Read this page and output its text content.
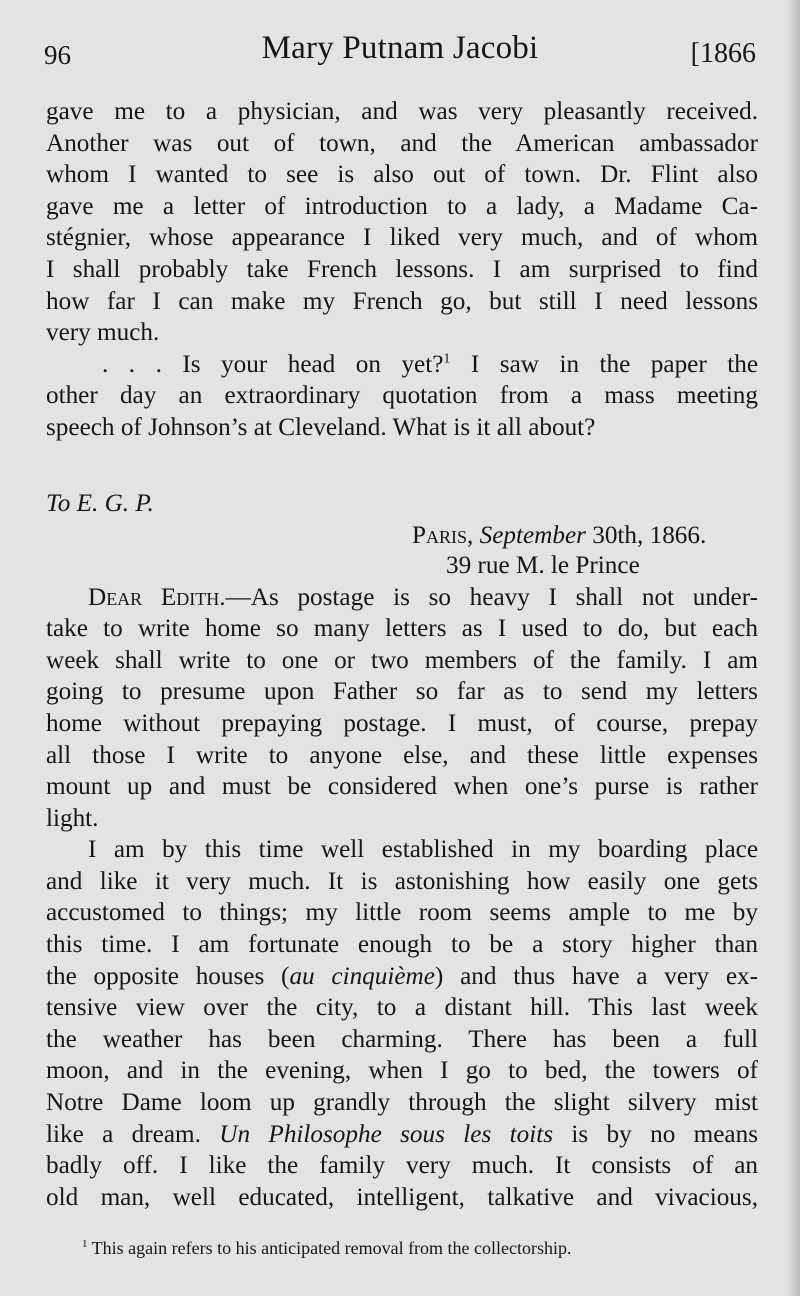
96	Mary Putnam Jacobi	[1866

gave me to a physician, and was very pleasantly received.
Another was out of town, and the American ambassador
whom I wanted to see is also out of town. Dr. Flint also
gave me a letter of introduction to a lady, a Madame Ca-
stégnier, whose appearance I liked very much, and of whom
I shall probably take French lessons. I am surprised to find
how far I can make my French go, but still I need lessons
very much.

. . . Is your head on yet?$^1$ I saw in the paper the
other day an extraordinary quotation from a mass meeting
speech of Johnson’s at Cleveland. What is it all about?

To E. G. P.
Paris, September 30th, 1866.
39 rue M. le Prince

Dear Edith.—As postage is so heavy I shall not under-
take to write home so many letters as I used to do, but each
week shall write to one or two members of the family. I am
going to presume upon Father so far as to send my letters
home without prepaying postage. I must, of course, prepay
all those I write to anyone else, and these little expenses
mount up and must be considered when one’s purse is rather
light.

I am by this time well established in my boarding place
and like it very much. It is astonishing how easily one gets
accustomed to things; my little room seems ample to me by
this time. I am fortunate enough to be a story higher than
the opposite houses (au cinquième) and thus have a very ex-
tensive view over the city, to a distant hill. This last week
the weather has been charming. There has been a full
moon, and in the evening, when I go to bed, the towers of
Notre Dame loom up grandly through the slight silvery mist
like a dream. Un Philosophe sous les toits is by no means
badly off. I like the family very much. It consists of an
old man, well educated, intelligent, talkative and vivacious,

$^1$ This again refers to his anticipated removal from the collectorship.
